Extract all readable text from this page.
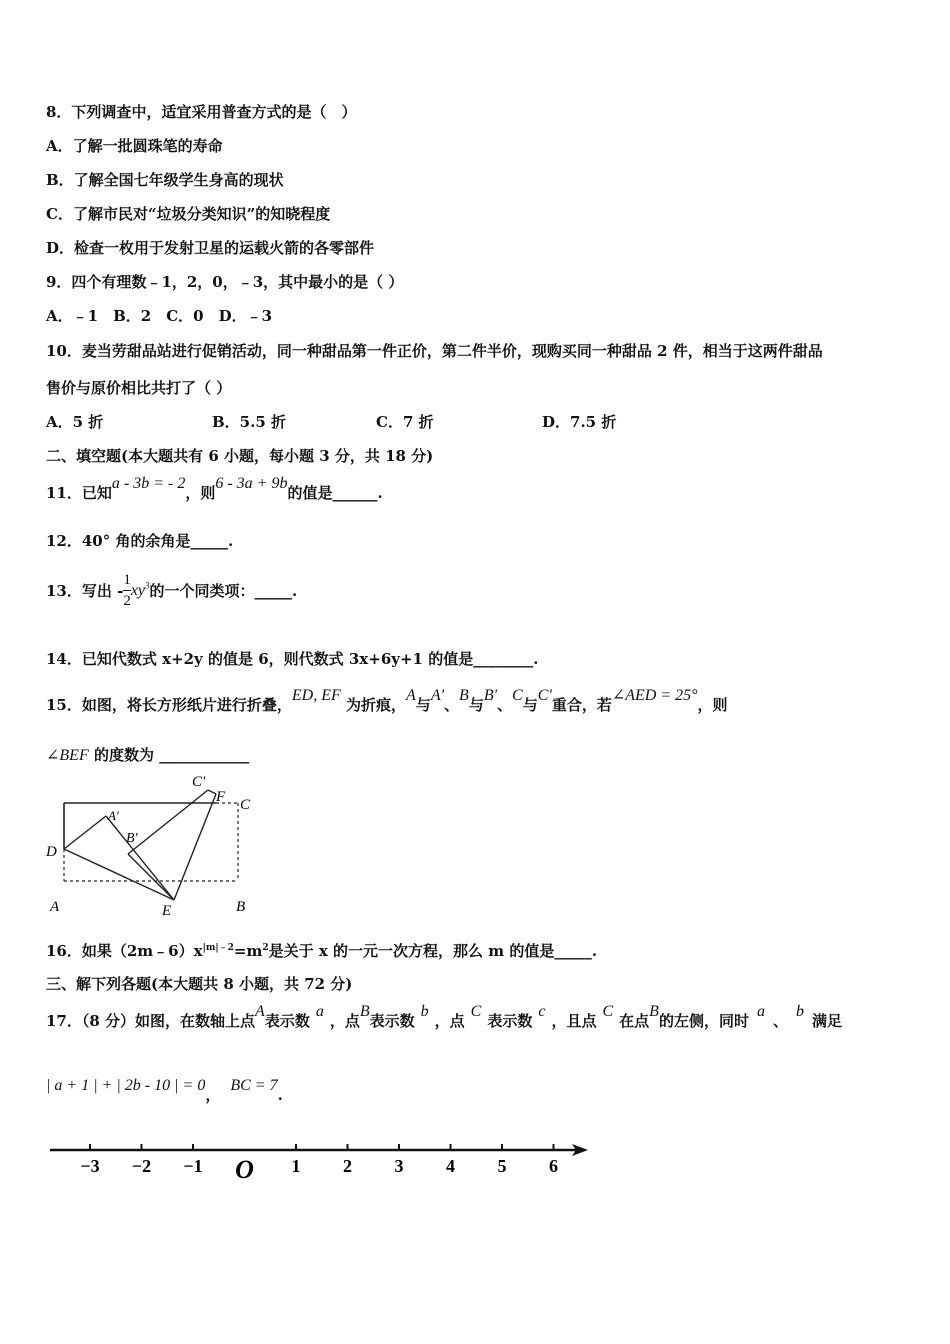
8．下列调查中，适宜采用普查方式的是（　）
A．了解一批圆珠笔的寿命
B．了解全国七年级学生身高的现状
C．了解市民对“垃圾分类知识”的知晓程度
D．检查一枚用于发射卫星的运载火箭的各零部件
9．四个有理数﹣1，2，0，﹣3，其中最小的是（ ）
A．﹣1　B．2　C．0　D．﹣3
10．麦当劳甜品站进行促销活动，同一种甜品第一件正价，第二件半价，现购买同一种甜品 2 件，相当于这两件甜品
售价与原价相比共打了（ ）
A．5 折	B．5.5 折	C．7 折	D．7.5 折
二、填空题(本大题共有 6 小题，每小题 3 分，共 18 分)
11．已知a - 3b = - 2，则6 - 3a + 9b的值是______.
12．40° 角的余角是_____.
13．写出 - $\frac{1}{2} xy^3$的一个同类项：_____.
14．已知代数式 x+2y 的值是 6，则代数式 3x+6y+1 的值是________.
15．如图，将长方形纸片进行折叠，ED, EF 为折痕，A与A'、B与B'、C与C'重合，若∠AED = 25°，则
∠BEF 的度数为 ____________
C′
F C
A′
B′
D
A	E	B
16．如果$(2m﹣6)x^{|m|﹣2}=m^2$是关于 x 的一元一次方程，那么 m 的值是_____.
三、解下列各题(本大题共 8 小题，共 72 分)
17．（8 分）如图，在数轴上点A表示数a，点B表示数b，点C表示数c，且点C在点B的左侧，同时a、b满足
| a + 1 | + | 2b - 10 | = 0，BC = 7.
−3 −2 −1 O 1 2 3 4 5 6
